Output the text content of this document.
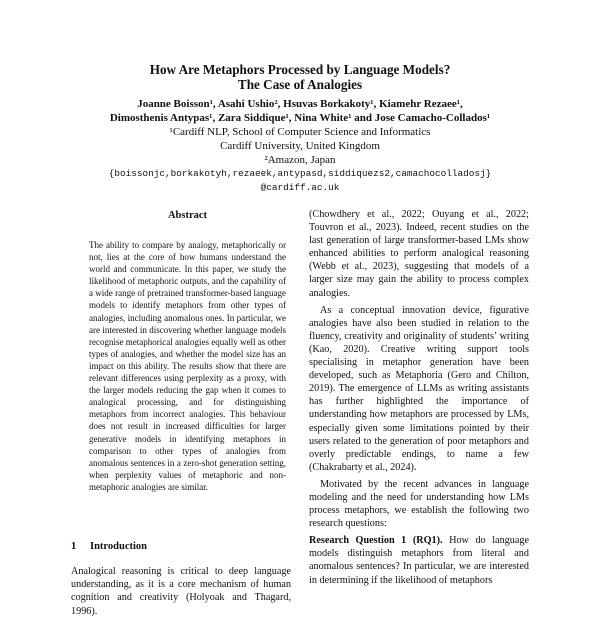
How Are Metaphors Processed by Language Models?
The Case of Analogies
Joanne Boisson¹, Asahi Ushio², Hsuvas Borkakoty¹, Kiamehr Rezaee¹,
Dimosthenis Antypas¹, Zara Siddique¹, Nina White¹ and Jose Camacho-Collados¹
¹Cardiff NLP, School of Computer Science and Informatics
Cardiff University, United Kingdom
²Amazon, Japan
{boissonjc,borkakotyh,rezaeek,antypasd,siddiquezs2,camachocolladosj}
@cardiff.ac.uk
Abstract
The ability to compare by analogy, metaphorically or not, lies at the core of how humans understand the world and communicate. In this paper, we study the likelihood of metaphoric outputs, and the capability of a wide range of pretrained transformer-based language models to identify metaphors from other types of analogies, including anomalous ones. In particular, we are interested in discovering whether language models recognise metaphorical analogies equally well as other types of analogies, and whether the model size has an impact on this ability. The results show that there are relevant differences using perplexity as a proxy, with the larger models reducing the gap when it comes to analogical processing, and for distinguishing metaphors from incorrect analogies. This behaviour does not result in increased difficulties for larger generative models in identifying metaphors in comparison to other types of analogies from anomalous sentences in a zero-shot generation setting, when perplexity values of metaphoric and non-metaphoric analogies are similar.
1 Introduction
Analogical reasoning is critical to deep language understanding, as it is a core mechanism of human cognition and creativity (Holyoak and Thagard, 1996).

(Chowdhery et al., 2022; Ouyang et al., 2022; Touvron et al., 2023). Indeed, recent studies on the last generation of large transformer-based LMs show enhanced abilities to perform analogical reasoning (Webb et al., 2023), suggesting that models of a larger size may gain the ability to process complex analogies.

As a conceptual innovation device, figurative analogies have also been studied in relation to the fluency, creativity and originality of students’ writing (Kao, 2020). Creative writing support tools specialising in metaphor generation have been developed, such as Metaphoria (Gero and Chilton, 2019). The emergence of LLMs as writing assistants has further highlighted the importance of understanding how metaphors are processed by LMs, especially given some limitations pointed by their users related to the generation of poor metaphors and overly predictable endings, to name a few (Chakrabarty et al., 2024).

Motivated by the recent advances in language modeling and the need for understanding how LMs process metaphors, we establish the following two research questions:

Research Question 1 (RQ1). How do language models distinguish metaphors from literal and anomalous sentences? In particular, we are interested in determining if the likelihood of metaphors
